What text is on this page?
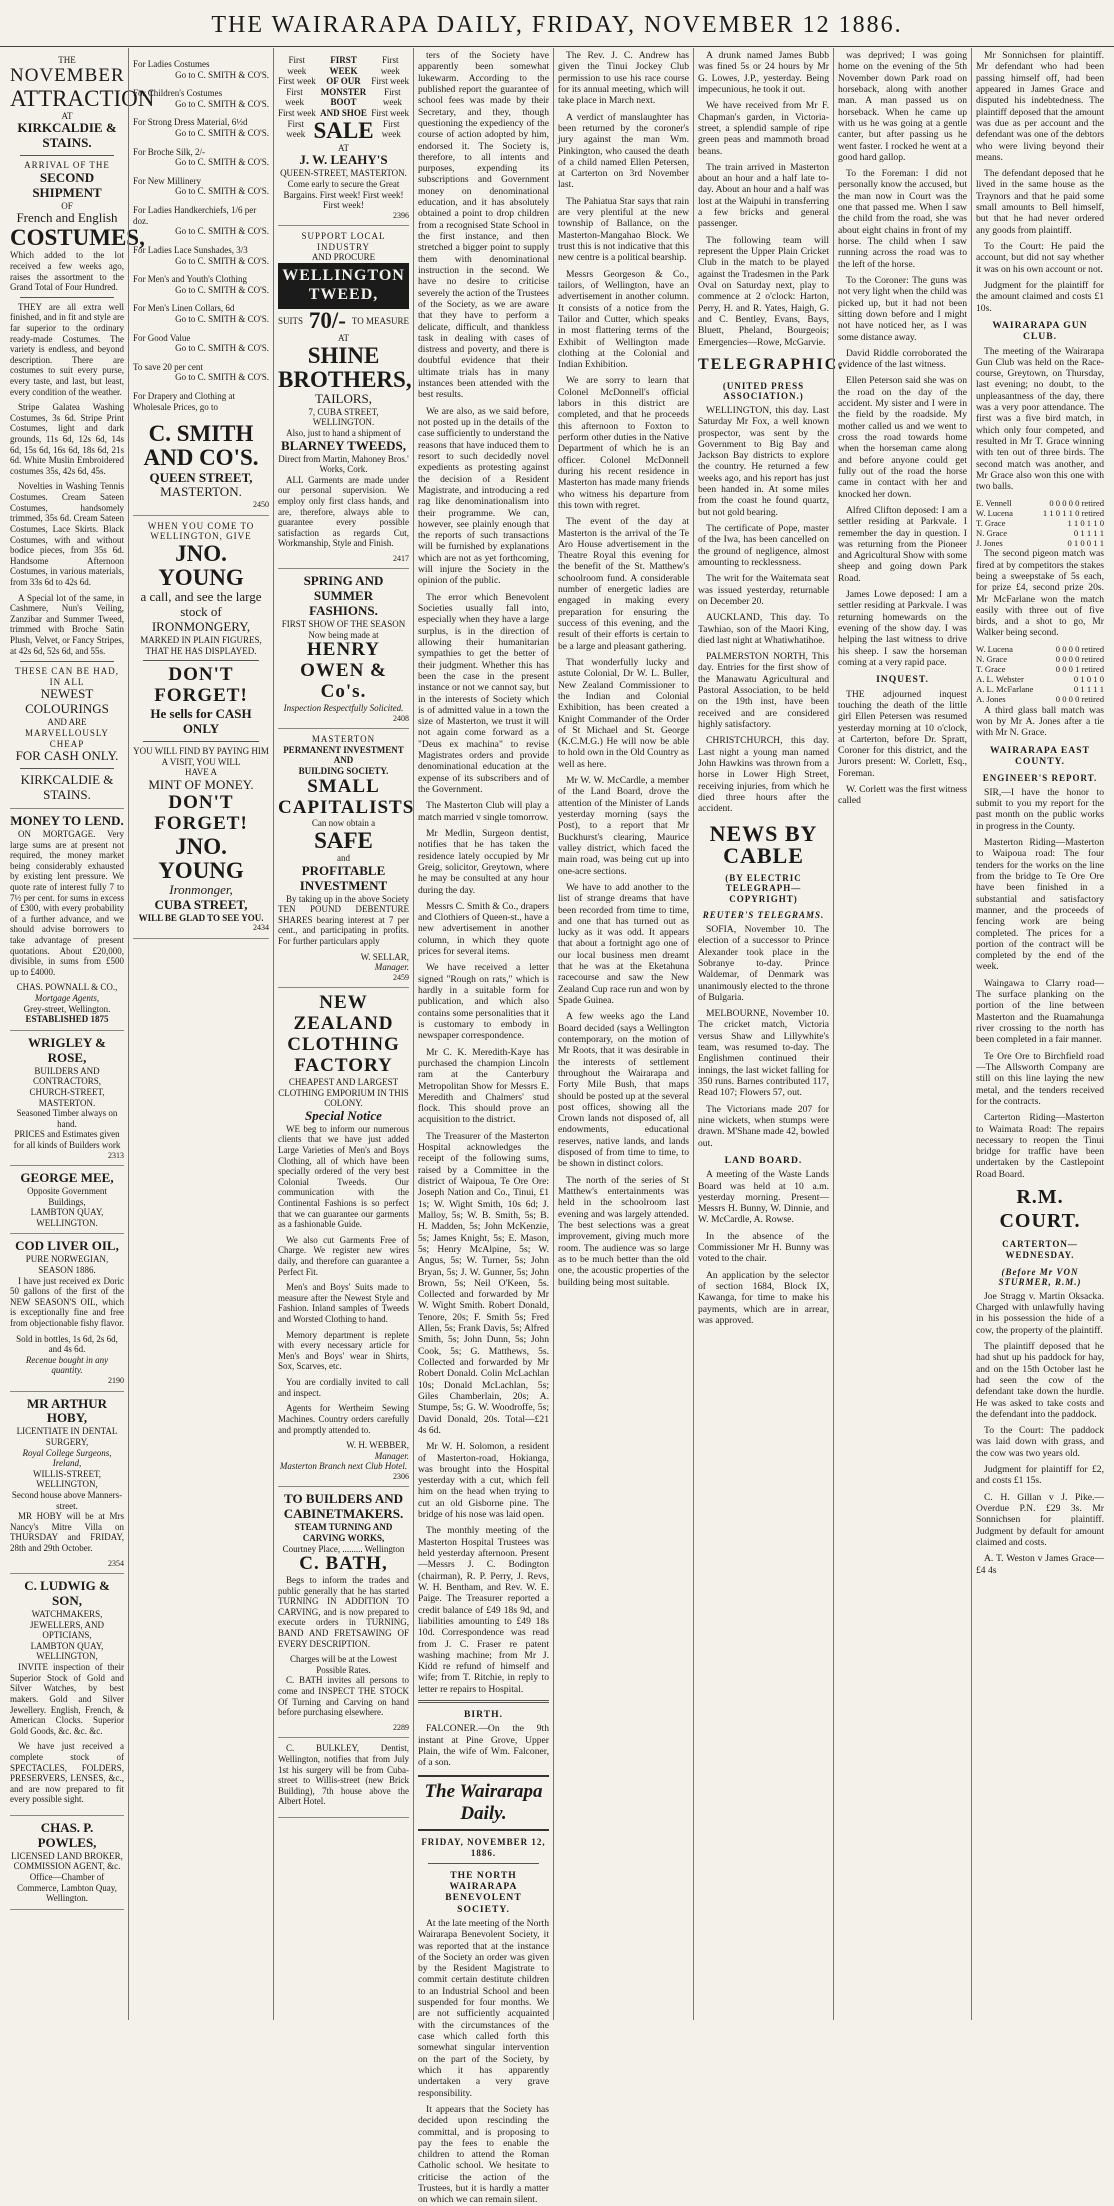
THE WAIRARAPA DAILY, FRIDAY, NOVEMBER 12 1886.
THE
NOVEMBER
ATTRACTION
AT
KIRKCALDIE & STAINS.
ARRIVAL OF THE
SECOND SHIPMENT
OF
French and English
COSTUMES,
Which added to the lot received a few weeks ago, raises the assortment to the Grand Total of Four Hundred.

THEY are all extra well finished, and in fit and style are far superior to the ordinary ready-made Costumes. The variety is endless, and beyond description. There are costumes to suit every purse, every taste, and last, but least, every condition of the weather.

Stripe Galatea Washing Costumes, 3s 6d. Stripe Print Costumes, light and dark grounds, 11s 6d, 12s 6d, 14s 6d, 15s 6d, 16s 6d, 18s 6d, 21s 6d. White Muslin Embroidered costumes 35s, 42s 6d, 45s.

Novelties in Washing Tennis Costumes. Cream Sateen Costumes, handsomely trimmed, 35s 6d. Cream Sateen Costumes, Lace Skirts. Black Costumes, with and without bodice pieces, from 35s 6d. Handsome Afternoon Costumes, in various materials, from 33s 6d to 42s 6d.

A Special lot of the same, in Cashmere, Nun's Veiling, Zanzibar and Summer Tweed, trimmed with Broche Satin Plush, Velvet, or Fancy Stripes, at 42s 6d, 52s 6d, and 55s.

THESE CAN BE HAD, IN ALL
NEWEST COLOURINGS
AND ARE
MARVELLOUSLY CHEAP
FOR CASH ONLY.
KIRKCALDIE & STAINS.
MONEY TO LEND.

ON MORTGAGE. Very large sums are at present not required, the money market being considerably exhausted by existing lent pressure. We quote rate of interest fully 7 to 7½ per cent. for sums in excess of £300, with every probability of a further advance, and we should advise borrowers to take advantage of present quotations. About £20,000, divisible, in sums from £500 up to £4000.

CHAS. POWNALL & CO.,
Mortgage Agents,
Grey-street, Wellington.
ESTABLISHED 1875
WRIGLEY & ROSE,
BUILDERS AND CONTRACTORS,
CHURCH-STREET, MASTERTON.
Seasoned Timber always on hand.
PRICES and Estimates given for all kinds of Builders work
2313
GEORGE MEE,
Opposite Government Buildings,
LAMBTON QUAY, WELLINGTON.
COD LIVER OIL,
PURE NORWEGIAN, SEASON 1886.

I have just received ex Doric 50 gallons of the first of the NEW SEASON'S OIL, which is exceptionally fine and free from objectionable fishy flavor.

Sold in bottles, 1s 6d, 2s 6d, and 4s 6d.
Recenue bought in any quantity.
2190
MR ARTHUR HOBY,
LICENTIATE IN DENTAL SURGERY,
Royal College Surgeons, Ireland,
WILLIS-STREET, WELLINGTON,
Second house above Manners-street.

MR HOBY will be at Mrs Nancy's Mitre Villa on THURSDAY and FRIDAY, 28th and 29th October.

2354
C. LUDWIG & SON,
WATCHMAKERS, JEWELLERS, AND OPTICIANS,
LAMBTON QUAY, WELLINGTON,

INVITE inspection of their Superior Stock of Gold and Silver Watches, by best makers. Gold and Silver Jewellery. English, French, & American Clocks. Superior Gold Goods, &c. &c. &c.

We have just received a complete stock of SPECTACLES, FOLDERS, PRESERVERS, LENSES, &c., and are now prepared to fit every possible sight.

CHAS. P. POWLES,
LICENSED LAND BROKER,
COMMISSION AGENT, &c.
Office—Chamber of Commerce, Lambton Quay, Wellington.
For Ladies Costumes
Go to C. SMITH & CO'S.
For Children's Costumes
Go to C. SMITH & CO'S.
For Strong Dress Material, 6½d
Go to C. SMITH & CO'S.
For Broche Silk, 2/-
Go to C. SMITH & CO'S.
For New Millinery
Go to C. SMITH & CO'S.
For Ladies Handkerchiefs, 1/6 per doz.
Go to C. SMITH & CO'S.
For Ladies Lace Sunshades, 3/3
Go to C. SMITH & CO'S.
For Men's and Youth's Clothing
Go to C. SMITH & CO'S.
For Men's Linen Collars, 6d
Go to C. SMITH & CO'S.
For Good Value
Go to C. SMITH & CO'S.
To save 20 per cent
Go to C. SMITH & CO'S.
For Drapery and Clothing at Wholesale Prices, go to
C. SMITH AND CO'S.
QUEEN STREET,
MASTERTON.
2450
WHEN YOU COME TO WELLINGTON, GIVE
JNO. YOUNG
a call, and see the large stock of
IRONMONGERY,
MARKED IN PLAIN FIGURES,
THAT HE HAS DISPLAYED.
DON'T FORGET!
He sells for CASH ONLY
YOU WILL FIND BY PAYING HIM
A VISIT, YOU WILL
HAVE A
MINT OF MONEY.
DON'T FORGET!
JNO. YOUNG
Ironmonger,
CUBA STREET,
WILL BE GLAD TO SEE YOU.
2434
First week
FIRST WEEK
First week
First week OF OUR First week
First week
MONSTER BOOT
First week
First week AND SHOE First week
First week SALE	First week
AT
J. W. LEAHY'S
QUEEN-STREET, MASTERTON.
Come early to secure the Great Bargains. First week! First week! First week!
2396
SUPPORT LOCAL INDUSTRY
AND PROCURE
WELLINGTON TWEED,
SUITS 70/- TO MEASURE
AT
SHINE BROTHERS,
TAILORS,
7, CUBA STREET, WELLINGTON.
Also, just to hand a shipment of
BLARNEY TWEEDS,
Direct from Martin, Mahoney Bros.' Works, Cork.

ALL Garments are made under our personal supervision. We employ only first class hands, and are, therefore, always able to guarantee every possible satisfaction as regards Cut, Workmanship, Style and Finish.

2417
SPRING AND SUMMER FASHIONS.
FIRST SHOW OF THE SEASON
Now being made at
HENRY OWEN & Co's.
Inspection Respectfully Solicited.
2408
MASTERTON
PERMANENT INVESTMENT AND
BUILDING SOCIETY.
SMALL CAPITALISTS
Can now obtain a
SAFE
and
PROFITABLE INVESTMENT

By taking up in the above Society TEN POUND DEBENTURE SHARES bearing interest at 7 per cent., and participating in profits. For further particulars apply

W. SELLAR,
Manager.
2459
NEW ZEALAND
CLOTHING FACTORY
CHEAPEST AND LARGEST CLOTHING EMPORIUM IN THIS COLONY.
Special Notice

WE beg to inform our numerous clients that we have just added Large Varieties of Men's and Boys Clothing, all of which have been specially ordered of the very best Colonial Tweeds. Our communication with the Continental Fashions is so perfect that we can guarantee our garments as a fashionable Guide.

We also cut Garments Free of Charge. We register new wires daily, and therefore can guarantee a Perfect Fit.

Men's and Boys' Suits made to measure after the Newest Style and Fashion. Inland samples of Tweeds and Worsted Clothing to hand.

Memory department is replete with every necessary article for Men's and Boys' wear in Shirts, Sox, Scarves, etc.

You are cordially invited to call and inspect.

Agents for Wertheim Sewing Machines. Country orders carefully and promptly attended to.

W. H. WEBBER,
Manager.
Masterton Branch next Club Hotel.
2306
TO BUILDERS AND CABINETMAKERS.
STEAM TURNING AND CARVING WORKS,
Courtney Place, ......... Wellington
C. BATH,

Begs to inform the trades and public generally that he has started TURNING IN ADDITION TO CARVING, and is now prepared to execute orders in TURNING, BAND AND FRETSAWING OF EVERY DESCRIPTION.

Charges will be at the Lowest Possible Rates.

C. BATH invites all persons to come and INSPECT THE STOCK Of Turning and Carving on hand before purchasing elsewhere.

2289

C. BULKLEY, Dentist, Wellington, notifies that from July 1st his surgery will be from Cuba-street to Willis-street (new Brick Building), 7th house above the Albert Hotel.

ters of the Society have apparently been somewhat lukewarm. According to the published report the guarantee of school fees was made by their Secretary, and they, though questioning the expediency of the course of action adopted by him, endorsed it. The Society is, therefore, to all intents and purposes, expending its subscriptions and Government money on denominational education, and it has absolutely obtained a point to drop children from a recognised State School in the first instance, and then stretched a bigger point to supply them with denominational instruction in the second. We have no desire to criticise severely the action of the Trustees of the Society, as we are aware that they have to perform a delicate, difficult, and thankless task in dealing with cases of distress and poverty, and there is doubtful evidence that their ultimate trials has in many instances been attended with the best results.

We are also, as we said before, not posted up in the details of the case sufficiently to understand the reasons that have induced them to resort to such decidedly novel expedients as protesting against the decision of a Resident Magistrate, and introducing a red rag like denominationalism into their programme. We can, however, see plainly enough that the reports of such transactions will be furnished by explanations which are not as yet forthcoming, will injure the Society in the opinion of the public.

The error which Benevolent Societies usually fall into, especially when they have a large surplus, is in the direction of allowing their humanitarian sympathies to get the better of their judgment. Whether this has been the case in the present instance or not we cannot say, but in the interests of Society which is of admitted value in a town the size of Masterton, we trust it will not again come forward as a "Deus ex machina" to revise Magistrates orders and provide denominational education at the expense of its subscribers and of the Government.

The Masterton Club will play a match married v single tomorrow.

Mr Medlin, Surgeon dentist, notifies that he has taken the residence lately occupied by Mr Greig, solicitor, Greytown, where he may be consulted at any hour during the day.

Messrs C. Smith & Co., drapers and Clothiers of Queen-st., have a new advertisement in another column, in which they quote prices for several items.

We have received a letter signed "Rough on rats," which is hardly in a suitable form for publication, and which also contains some personalities that it is customary to embody in newspaper correspondence.

Mr C. K. Meredith-Kaye has purchased the champion Lincoln ram at the Canterbury Metropolitan Show for Messrs E. Meredith and Chalmers' stud flock. This should prove an acquisition to the district.

The Treasurer of the Masterton Hospital acknowledges the receipt of the following sums, raised by a Committee in the district of Waipoua, Te Ore Ore: Joseph Nation and Co., Tinui, £1 1s; W. Wight Smith, 10s 6d; J. Malloy, 5s; W. B. Smith, 5s; B. H. Madden, 5s; John McKenzie, 5s; James Knight, 5s; E. Mason, 5s; Henry McAlpine, 5s; W. Angus, 5s; W. Turner, 5s; John Bryan, 5s; J. W. Gunner, 5s; John Brown, 5s; Neil O'Keen, 5s. Collected and forwarded by Mr W. Wight Smith. Robert Donald, Tenore, 20s; F. Smith 5s; Fred Allen, 5s; Frank Davis, 5s; Alfred Smith, 5s; John Dunn, 5s; John Cook, 5s; G. Matthews, 5s. Collected and forwarded by Mr Robert Donald. Colin McLachlan 10s; Donald McLachlan, 5s; Giles Chamberlain, 20s; A. Stumpe, 5s; G. W. Woodroffe, 5s; David Donald, 20s. Total—£21 4s 6d.

Mr W. H. Solomon, a resident of Masterton-road, Hokianga, was brought into the Hospital yesterday with a cut, which fell him on the head when trying to cut an old Gisborne pine. The bridge of his nose was laid open.

The monthly meeting of the Masterton Hospital Trustees was held yesterday afternoon. Present—Messrs J. C. Bodington (chairman), R. P. Perry, J. Revs, W. H. Bentham, and Rev. W. E. Paige. The Treasurer reported a credit balance of £49 18s 9d, and liabilities amounting to £49 18s 10d. Correspondence was read from J. C. Fraser re patent washing machine; from Mr J. Kidd re refund of himself and wife; from T. Ritchie, in reply to letter re repairs to Hospital.

BIRTH.

FALCONER.—On the 9th instant at Pine Grove, Upper Plain, the wife of Wm. Falconer, of a son.

The Wairarapa Daily.
FRIDAY, NOVEMBER 12, 1886.
THE NORTH WAIRARAPA BENEVOLENT SOCIETY.

At the late meeting of the North Wairarapa Benevolent Society, it was reported that at the instance of the Society an order was given by the Resident Magistrate to commit certain destitute children to an Industrial School and been suspended for four months. We are not sufficiently acquainted with the circumstances of the case which called forth this somewhat singular intervention on the part of the Society, by which it has apparently undertaken a very grave responsibility.

It appears that the Society has decided upon rescinding the committal, and is proposing to pay the fees to enable the children to attend the Roman Catholic school. We hesitate to criticise the action of the Trustees, but it is hardly a matter on which we can remain silent.

The Rev. J. C. Andrew has given the Tinui Jockey Club permission to use his race course for its annual meeting, which will take place in March next.

A verdict of manslaughter has been returned by the coroner's jury against the man Wm. Pinkington, who caused the death of a child named Ellen Petersen, at Carterton on 3rd November last.

The Pahiatua Star says that rain are very plentiful at the new township of Ballance, on the Masterton-Mangahao Block. We trust this is not indicative that this new centre is a political bearship.

Messrs Georgeson & Co., tailors, of Wellington, have an advertisement in another column. It consists of a notice from the Tailor and Cutter, which speaks in most flattering terms of the Exhibit of Wellington made clothing at the Colonial and Indian Exhibition.

We are sorry to learn that Colonel McDonnell's official labors in this district are completed, and that he proceeds this afternoon to Foxton to perform other duties in the Native Department of which he is an officer. Colonel McDonnell during his recent residence in Masterton has made many friends who witness his departure from this town with regret.

The event of the day at Masterton is the arrival of the Te Aro House advertisement in the Theatre Royal this evening for the benefit of the St. Matthew's schoolroom fund. A considerable number of energetic ladies are engaged in making every preparation for ensuring the success of this evening, and the result of their efforts is certain to be a large and pleasant gathering.

That wonderfully lucky and astute Colonial, Dr W. L. Buller, New Zealand Commissioner to the Indian and Colonial Exhibition, has been created a Knight Commander of the Order of St Michael and St. George (K.C.M.G.) He will now be able to hold own in the Old Country as well as here.

Mr W. W. McCardle, a member of the Land Board, drove the attention of the Minister of Lands yesterday morning (says the Post), to a report that Mr Buckhurst's clearing, Maurice valley district, which faced the main road, was being cut up into one-acre sections.

We have to add another to the list of strange dreams that have been recorded from time to time, and one that has turned out as lucky as it was odd. It appears that about a fortnight ago one of our local business men dreamt that he was at the Eketahuna racecourse and saw the New Zealand Cup race run and won by Spade Guinea.

A few weeks ago the Land Board decided (says a Wellington contemporary, on the motion of Mr Roots, that it was desirable in the interests of settlement throughout the Wairarapa and Forty Mile Bush, that maps should be posted up at the several post offices, showing all the Crown lands not disposed of, all endowments, educational reserves, native lands, and lands disposed of from time to time, to be shown in distinct colors.

The north of the series of St Matthew's entertainments was held in the schoolroom last evening and was largely attended. The best selections was a great improvement, giving much more room. The audience was so large as to be much better than the old one, the acoustic properties of the building being most suitable.

A drunk named James Bubb was fined 5s or 24 hours by Mr G. Lowes, J.P., yesterday. Being impecunious, he took it out.

We have received from Mr F. Chapman's garden, in Victoria-street, a splendid sample of ripe green peas and mammoth broad beans.

The train arrived in Masterton about an hour and a half late to-day. About an hour and a half was lost at the Waipuhi in transferring a few bricks and general passenger.

The following team will represent the Upper Plain Cricket Club in the match to be played against the Tradesmen in the Park Oval on Saturday next, play to commence at 2 o'clock: Harton, Perry, H. and R. Yates, Haigh, G. and C. Bentley, Evans, Bays, Bluett, Pheland, Bourgeois; Emergencies—Rowe, McGarvie.

TELEGRAPHIC.
(UNITED PRESS ASSOCIATION.)

WELLINGTON, this day. Last Saturday Mr Fox, a well known prospector, was sent by the Government to Big Bay and Jackson Bay districts to explore the country. He returned a few weeks ago, and his report has just been handed in. At some miles from the coast he found quartz, but not gold bearing.

The certificate of Pope, master of the Iwa, has been cancelled on the ground of negligence, almost amounting to recklessness.

The writ for the Waitemata seat was issued yesterday, returnable on December 20.

AUCKLAND, This day. To Tawhiao, son of the Maori King, died last night at Whatiwhatihoe.

PALMERSTON NORTH, This day. Entries for the first show of the Manawatu Agricultural and Pastoral Association, to be held on the 19th inst, have been received and are considered highly satisfactory.

CHRISTCHURCH, this day. Last night a young man named John Hawkins was thrown from a horse in Lower High Street, receiving injuries, from which he died three hours after the accident.

NEWS BY CABLE
(BY ELECTRIC TELEGRAPH—COPYRIGHT)
REUTER'S TELEGRAMS.

SOFIA, November 10. The election of a successor to Prince Alexander took place in the Sobranye to-day. Prince Waldemar, of Denmark was unanimously elected to the throne of Bulgaria.

MELBOURNE, November 10. The cricket match, Victoria versus Shaw and Lillywhite's team, was resumed to-day. The Englishmen continued their innings, the last wicket falling for 350 runs. Barnes contributed 117, Read 107; Flowers 57, out.

The Victorians made 207 for nine wickets, when stumps were drawn. M'Shane made 42, bowled out.

LAND BOARD.

A meeting of the Waste Lands Board was held at 10 a.m. yesterday morning. Present—Messrs H. Bunny, W. Dinnie, and W. McCardle, A. Rowse.

In the absence of the Commissioner Mr H. Bunny was voted to the chair.

An application by the selector of section 1684, Block IX, Kawanga, for time to make his payments, which are in arrear, was approved.

was deprived; I was going home on the evening of the 5th November down Park road on horseback, along with another man. A man passed us on horseback. When he came up with us he was going at a gentle canter, but after passing us he went faster. I rocked he went at a good hard gallop.

To the Foreman: I did not personally know the accused, but the man now in Court was the one that passed me. When I saw the child from the road, she was about eight chains in front of my horse. The child when I saw running across the road was to the left of the horse.

To the Coroner: The guns was not very light when the child was picked up, but it had not been sitting down before and I might not have noticed her, as I was some distance away.

David Riddle corroborated the evidence of the last witness.

Ellen Peterson said she was on the road on the day of the accident. My sister and I were in the field by the roadside. My mother called us and we went to cross the road towards home when the horseman came along and before anyone could get fully out of the road the horse came in contact with her and knocked her down.

Alfred Clifton deposed: I am a settler residing at Parkvale. I remember the day in question. I was returning from the Pioneer and Agricultural Show with some sheep and going down Park Road.

James Lowe deposed: I am a settler residing at Parkvale. I was returning homewards on the evening of the show day. I was helping the last witness to drive his sheep. I saw the horseman coming at a very rapid pace.

INQUEST.

THE adjourned inquest touching the death of the little girl Ellen Petersen was resumed yesterday morning at 10 o'clock, at Carterton, before Dr. Spratt, Coroner for this district, and the Jurors present: W. Corlett, Esq., Foreman.

W. Corlett was the first witness called

Mr Sonnichsen for plaintiff. Mr defendant who had been passing himself off, had been appeared in James Grace and disputed his indebtedness. The plaintiff deposed that the amount was due as per account and the defendant was one of the debtors who were living beyond their means.

The defendant deposed that he lived in the same house as the Traynors and that he paid some small amounts to Bell himself, but that he had never ordered any goods from plaintiff.

To the Court: He paid the account, but did not say whether it was on his own account or not.

Judgment for the plaintiff for the amount claimed and costs £1 10s.

WAIRARAPA GUN CLUB.

The meeting of the Wairarapa Gun Club was held on the Race-course, Greytown, on Thursday, last evening; no doubt, to the unpleasantness of the day, there was a very poor attendance. The first was a five bird match, in which only four competed, and resulted in Mr T. Grace winning with ten out of three birds. The second match was another, and Mr Grace also won this one with two balls.

E. Vennell	0 0 0 0 0 retired
W. Lucena	1 1 0 1 1 0 retired
T. Grace	1 1 0 1 1 0
N. Grace	0 1 1 1 1
J. Jones	0 1 0 0 1 1

The second pigeon match was fired at by competitors the stakes being a sweepstake of 5s each, for prize £4, second prize 20s. Mr McFarlane won the match easily with three out of five birds, and a shot to go, Mr Walker being second.

W. Lucena	0 0 0 0 retired
N. Grace	0 0 0 0 retired
T. Grace	0 0 0 1 retired
A. L. Webster	0 1 0 1 0
A. L. McFarlane	0 1 1 1 1
A. Jones	0 0 0 0 retired

A third glass ball match was won by Mr A. Jones after a tie with Mr N. Grace.

WAIRARAPA EAST COUNTY.
ENGINEER'S REPORT.

SIR,—I have the honor to submit to you my report for the past month on the public works in progress in the County.

Masterton Riding—Masterton to Waipoua road: The four tenders for the works on the line from the bridge to Te Ore Ore have been finished in a substantial and satisfactory manner, and the proceeds of fencing work are being completed. The prices for a portion of the contract will be completed by the end of the week.

Waingawa to Clarry road—The surface planking on the portion of the line between Masterton and the Ruamahunga river crossing to the north has been completed in a fair manner.

Te Ore Ore to Birchfield road—The Allsworth Company are still on this line laying the new metal, and the tenders received for the contracts.

Carterton Riding—Masterton to Waimata Road: The repairs necessary to reopen the Tinui bridge for traffic have been undertaken by the Castlepoint Road Board.

R.M. COURT.
CARTERTON—WEDNESDAY.
(Before Mr VON STURMER, R.M.)

Joe Stragg v. Martin Oksacka. Charged with unlawfully having in his possession the hide of a cow, the property of the plaintiff.

The plaintiff deposed that he had shut up his paddock for hay, and on the 15th October last he had seen the cow of the defendant take down the hurdle. He was asked to take costs and the defendant into the paddock.

To the Court: The paddock was laid down with grass, and the cow was two years old.

Judgment for plaintiff for £2, and costs £1 15s.

C. H. Gillan v J. Pike.—Overdue P.N. £29 3s. Mr Sonnichsen for plaintiff. Judgment by default for amount claimed and costs.

A. T. Weston v James Grace—£4 4s
